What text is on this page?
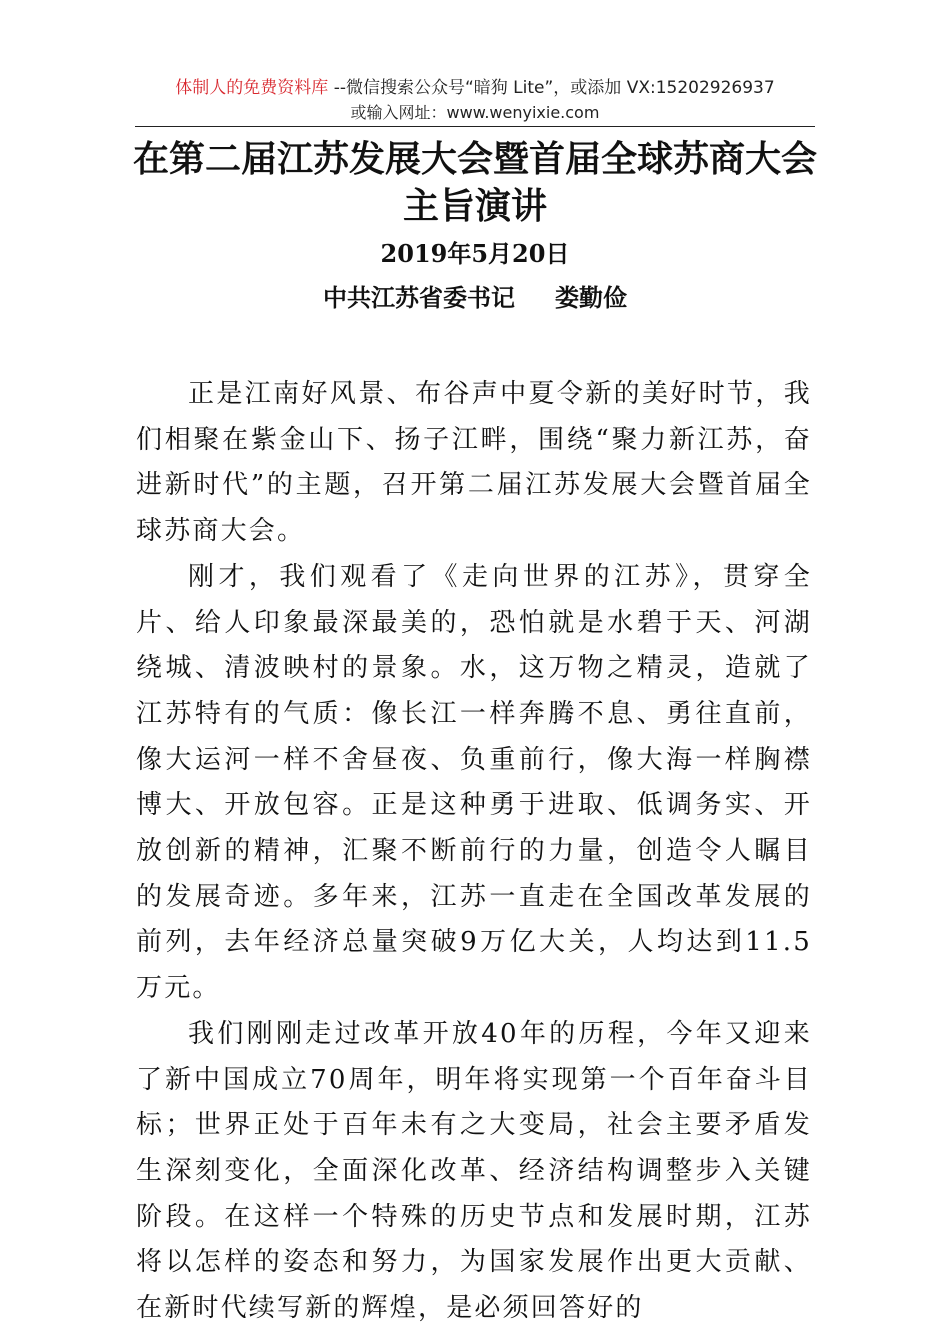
体制人的免费资料库 --微信搜索公众号“暗狗 Lite”，或添加 VX:15202926937
或输入网址：www.wenyixie.com
在第二届江苏发展大会暨首届全球苏商大会
主旨演讲
2019年5月20日
中共江苏省委书记 娄勤俭

正是江南好风景、布谷声中夏令新的美好时节，我们相聚在紫金山下、扬子江畔，围绕“聚力新江苏，奋进新时代”的主题，召开第二届江苏发展大会暨首届全球苏商大会。

刚才，我们观看了《走向世界的江苏》，贯穿全片、给人印象最深最美的，恐怕就是水碧于天、河湖绕城、清波映村的景象。水，这万物之精灵，造就了江苏特有的气质：像长江一样奔腾不息、勇往直前，像大运河一样不舍昼夜、负重前行，像大海一样胸襟博大、开放包容。正是这种勇于进取、低调务实、开放创新的精神，汇聚不断前行的力量，创造令人瞩目的发展奇迹。多年来，江苏一直走在全国改革发展的前列，去年经济总量突破9万亿大关，人均达到11.5万元。

我们刚刚走过改革开放40年的历程，今年又迎来了新中国成立70周年，明年将实现第一个百年奋斗目标；世界正处于百年未有之大变局，社会主要矛盾发生深刻变化，全面深化改革、经济结构调整步入关键阶段。在这样一个特殊的历史节点和发展时期，江苏将以怎样的姿态和努力，为国家发展作出更大贡献、在新时代续写新的辉煌，是必须回答好的
